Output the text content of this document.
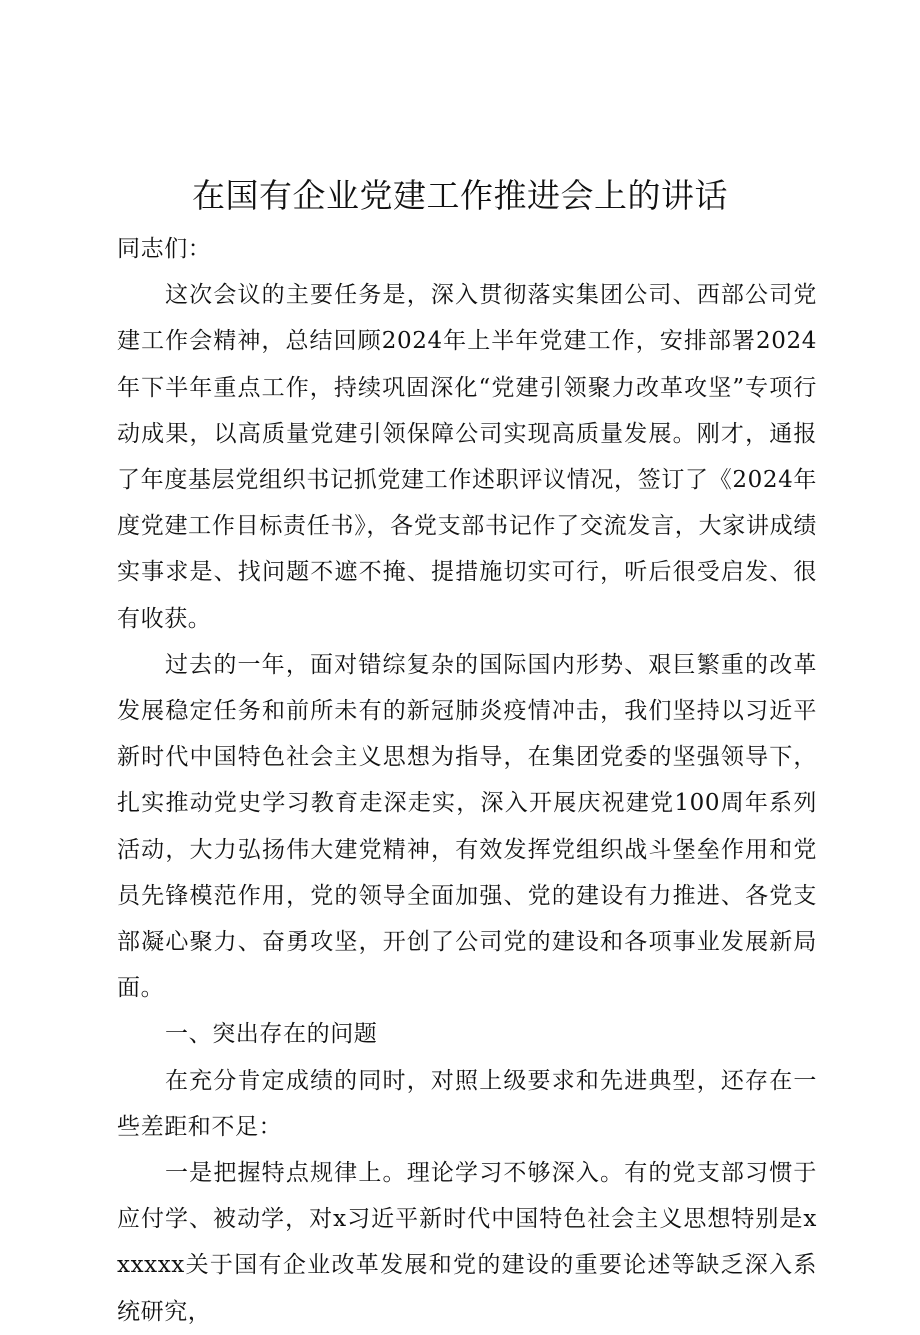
在国有企业党建工作推进会上的讲话

同志们：

这次会议的主要任务是，深入贯彻落实集团公司、西部公司党建工作会精神，总结回顾2024年上半年党建工作，安排部署2024年下半年重点工作，持续巩固深化“党建引领聚力改革攻坚”专项行动成果，以高质量党建引领保障公司实现高质量发展。刚才，通报了年度基层党组织书记抓党建工作述职评议情况，签订了《2024年度党建工作目标责任书》，各党支部书记作了交流发言，大家讲成绩实事求是、找问题不遮不掩、提措施切实可行，听后很受启发、很有收获。

过去的一年，面对错综复杂的国际国内形势、艰巨繁重的改革发展稳定任务和前所未有的新冠肺炎疫情冲击，我们坚持以习近平新时代中国特色社会主义思想为指导，在集团党委的坚强领导下，扎实推动党史学习教育走深走实，深入开展庆祝建党100周年系列活动，大力弘扬伟大建党精神，有效发挥党组织战斗堡垒作用和党员先锋模范作用，党的领导全面加强、党的建设有力推进、各党支部凝心聚力、奋勇攻坚，开创了公司党的建设和各项事业发展新局面。

一、突出存在的问题

在充分肯定成绩的同时，对照上级要求和先进典型，还存在一些差距和不足：

一是把握特点规律上。理论学习不够深入。有的党支部习惯于应付学、被动学，对x习近平新时代中国特色社会主义思想特别是xxxxxx关于国有企业改革发展和党的建设的重要论述等缺乏深入系统研究，
